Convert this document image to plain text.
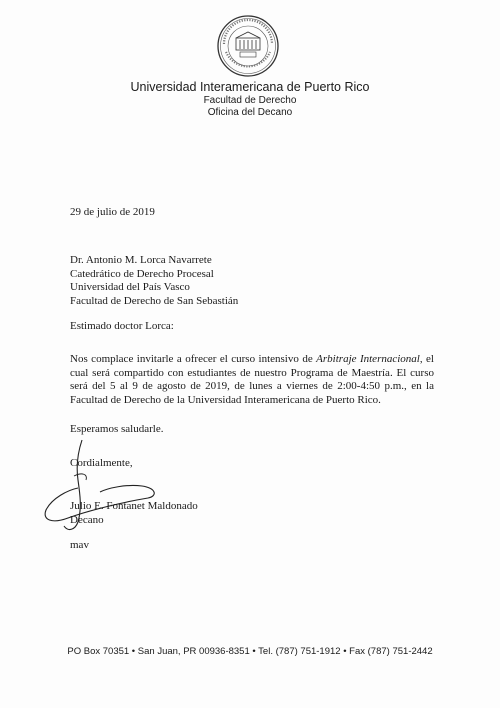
Universidad Interamericana de Puerto Rico
Facultad de Derecho
Oficina del Decano
29 de julio de 2019
Dr. Antonio M. Lorca Navarrete
Catedrático de Derecho Procesal
Universidad del País Vasco
Facultad de Derecho de San Sebastián
Estimado doctor Lorca:
Nos complace invitarle a ofrecer el curso intensivo de Arbitraje Internacional, el
cual será compartido con estudiantes de nuestro Programa de Maestría. El curso
será del 5 al 9 de agosto de 2019, de lunes a viernes de 2:00-4:50 p.m., en la
Facultad de Derecho de la Universidad Interamericana de Puerto Rico.
Esperamos saludarle.
Cordialmente,
Julio E. Fontanet Maldonado
Decano
mav
PO Box 70351 • San Juan, PR 00936-8351 • Tel. (787) 751-1912 • Fax (787) 751-2442
